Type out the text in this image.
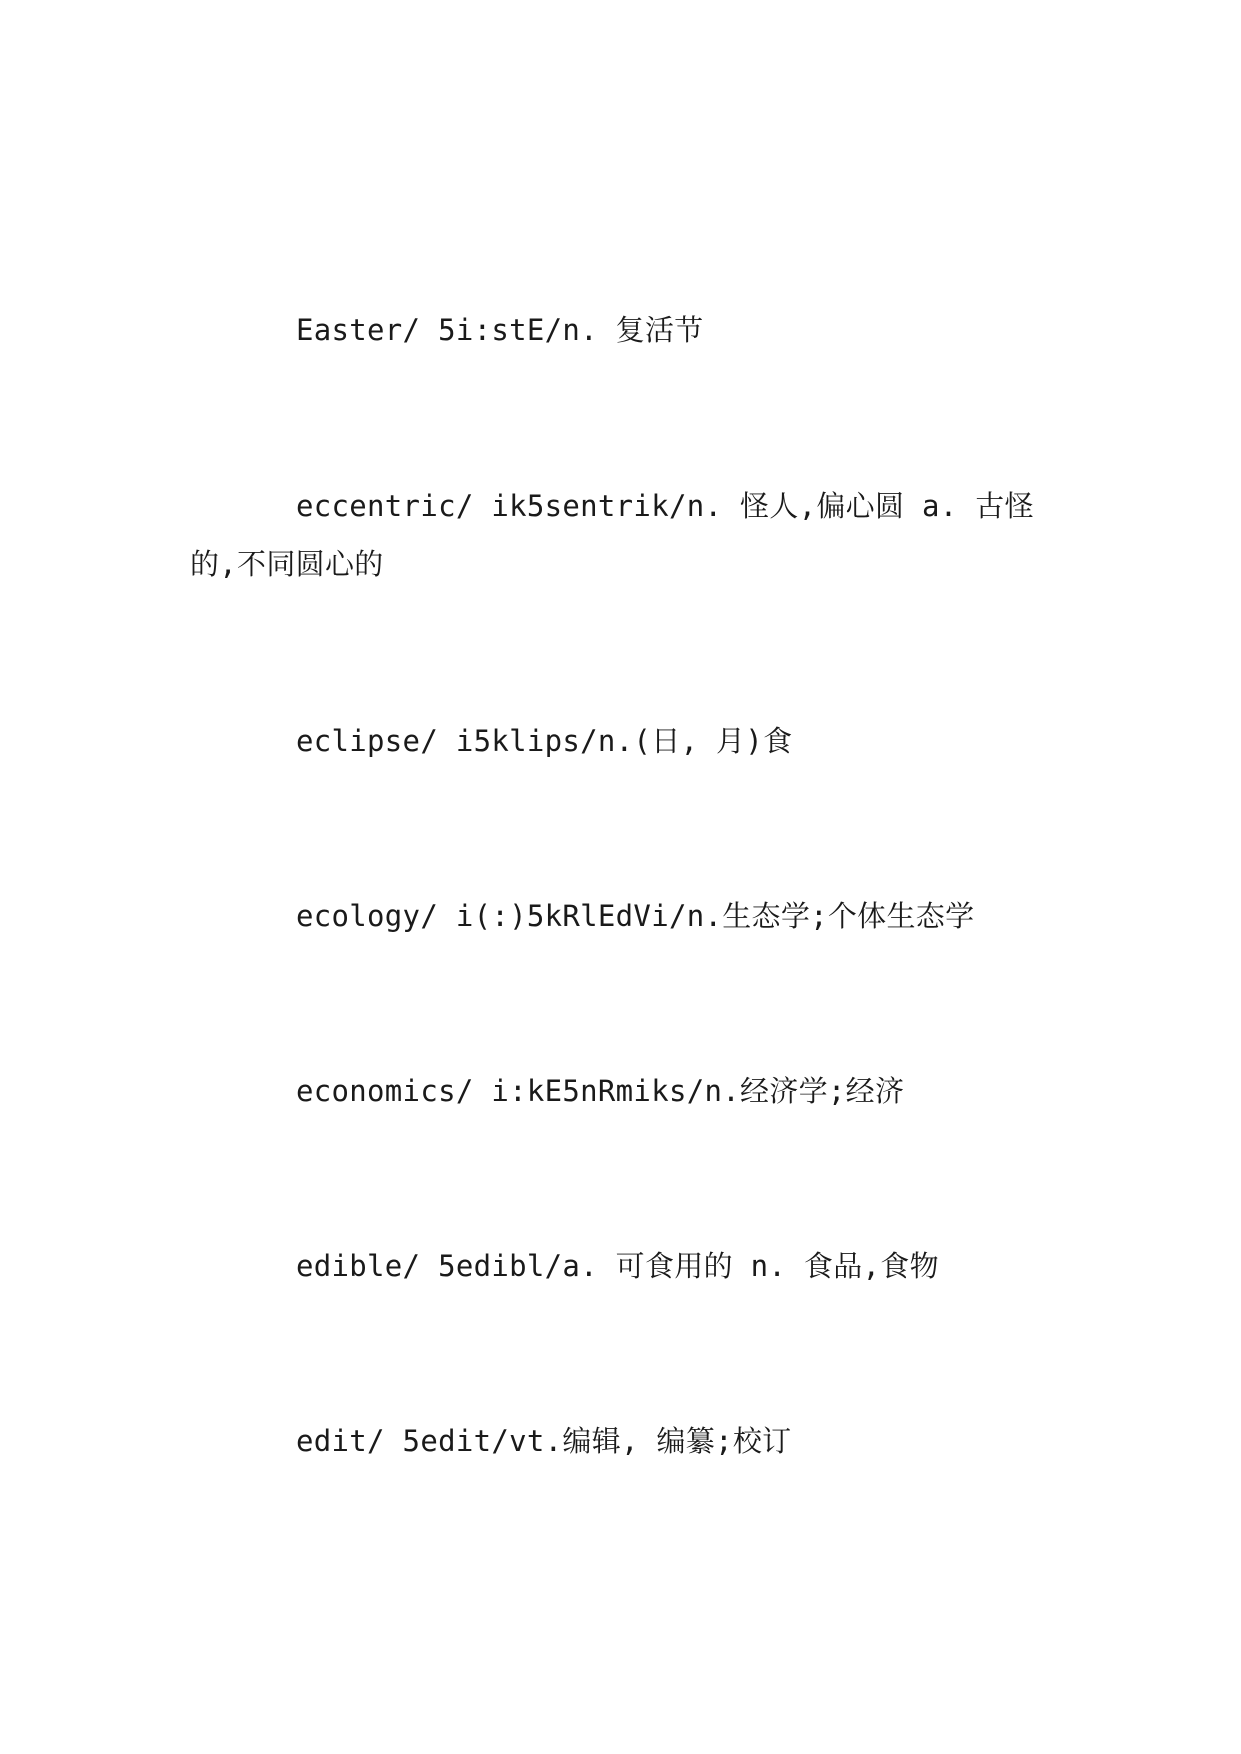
Easter/ 5i:stE/n. 复活节

eccentric/ ik5sentrik/n. 怪人,偏心圆 a. 古怪的,不同圆心的

eclipse/ i5klips/n.(日, 月)食

ecology/ i(:)5kRlEdVi/n.生态学;个体生态学

economics/ i:kE5nRmiks/n.经济学;经济

edible/ 5edibl/a. 可食用的 n. 食品,食物

edit/ 5edit/vt.编辑, 编纂;校订
